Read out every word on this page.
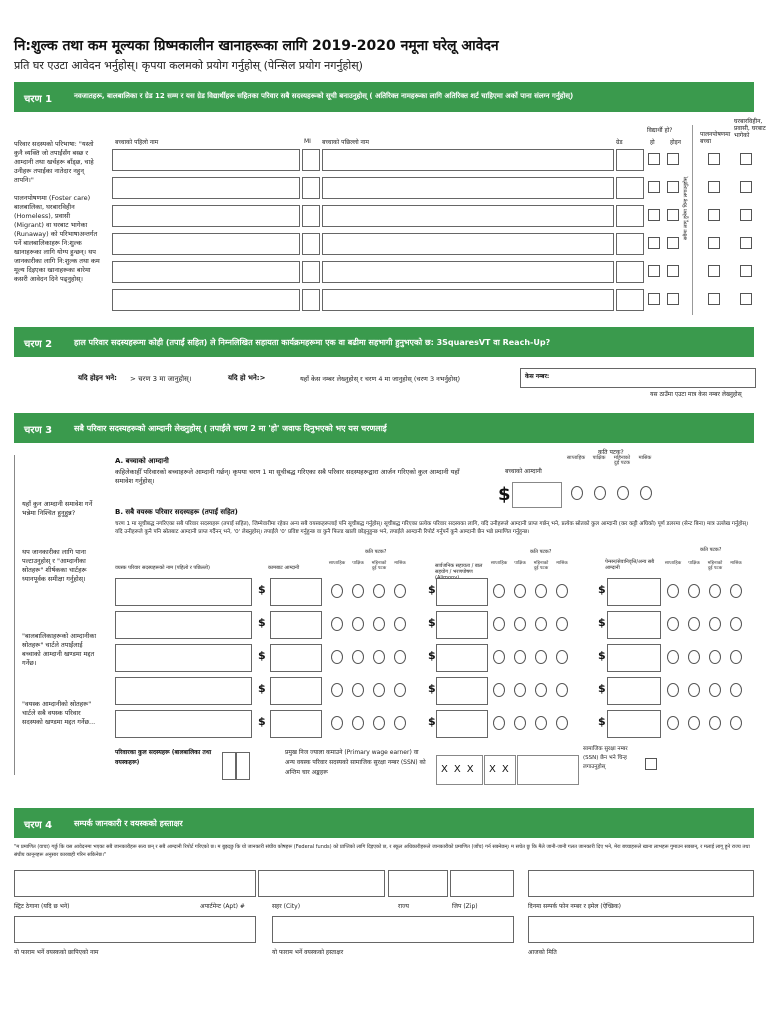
नि:शुल्क तथा कम मूल्यका ग्रिष्मकालीन खानाहरूका लागि 2019-2020 नमूना घरेलू आवेदन
प्रति घर एउटा आवेदन भर्नुहोस्। कृपया कलमको प्रयोग गर्नुहोस् (पेन्सिल प्रयोग नगर्नुहोस्)
चरण 1	नवजातहरू, बालबालिका र ग्रेड 12 सम्म र यस ग्रेड विद्यार्थीहरू सहितका परिवार सबै सदस्यहरूको सूची बनाउनुहोस् ( अतिरिक्त नामहरूका लागि अतिरिक्त शर्ट चाहिएमा अर्को पाना संलग्न गर्नुहोस्)
परिवार सदस्यको परिभाषा: "यस्तो कुनै व्यक्ति जो तपाईंसँग बस्छ र आम्दानी तथा खर्चहरू बाँड्छ, चाहे उनीहरू तपाईंका नातेदार नहुन् तापनि।"
पालनपोषणमा (Foster care) बालबालिका, घरबारविहीन (Homeless), प्रवासी (Migrant) वा घरबाट भागेका (Runaway) को परिभाषाअन्तर्गत पर्ने बालबालिकाहरू नि:शुल्क खानाहरूका लागि योग्य हुन्छन्। थप जानकारीका लागि नि:शुल्क तथा कम मूल्य दिइएका खानाहरूका बारेमा कसरी आवेदन दिने पढ्नुहोस्।
बच्चाको पहिलो नाम	MI बच्चाको पछिल्लो नाम	ग्रेड
विद्यार्थी हो?
हो	होइन
पालनपोषणमा बच्चा
घरबारविहीन, प्रवासी, घरबाट भागेको
सबैमा लागू हुनेमा चिन्ह लगाउनुहोस्
चरण 2	हाल परिवार सदस्यहरूमा कोही (तपाईं सहित) ले निम्नलिखित सहायता कार्यक्रमहरूमा एक वा बढीमा सहभागी हुनुभएको छ: 3SquaresVT वा Reach-Up?
यदि होइन भने: > चरण 3 मा जानुहोस्।	यदि हो भने:>	यहाँ केस नम्बर लेख्नुहोस् र चरण 4 मा जानुहोस् (चरण 3 नभर्नुहोस्)	केस नम्बर:
यस ठाउँमा एउटा मात्र केस नम्बर लेख्नुहोस्
चरण 3	सबै परिवार सदस्यहरूको आम्दानी लेख्नुहोस् ( तपाईंले चरण 2 मा 'हो' जवाफ दिनुभएको भए यस चरणलाई
यहाँ कुन आम्दानी समावेश गर्ने भन्नेमा निश्चित हुनुहुन्न?
थप जानकारीका लागि पाना पल्टाउनुहोस् र "आम्दानीका स्रोतहरू" शीर्षकका चार्टहरू ध्यानपूर्वक समीक्षा गर्नुहोस्।
"बालबालिकाहरूको आम्दानीका स्रोतहरू" चार्टले तपाईंलाई बच्चाको आम्दानी खण्डमा मद्दत गर्नेछ।
"वयस्क आम्दानीको स्रोतहरू" चार्टले सबै वयस्क परिवार सदस्यको खण्डमा मद्दत गर्नेछ...
A. बच्चाको आम्दानी
कहिलेकाहीँ परिवारको बच्चाहरूले आम्दानी गर्छन्। कृपया चरण 1 मा सूचीबद्ध गरिएका सबै परिवार सदस्यहरूद्वारा आर्जन गरिएको कुल आम्दानी यहाँ समावेश गर्नुहोस्।
बच्चाको आम्दानी
कति पटक?
$
साप्ताहिक	पाक्षिक	महिनाको दुई पटक
मासिक
B. सबै वयस्क परिवार सदस्यहरू (तपाईं सहित)
चरण 1 मा सूचीबद्ध नगरिएका सबै परिवार सदस्यहरू (तपाईं सहित), जिम्मेवारीमा रहेका अन्य सबै वयस्कहरूलाई पनि सूचीबद्ध गर्नुहोस्। सूचीबद्ध गरिएका प्रत्येक परिवार सदस्यका लागि, यदि उनीहरूले आम्दानी प्राप्त गर्छन् भने, प्रत्येक स्रोतको कुल आम्दानी (कर कट्टी अघिको) पूर्ण डलरमा (सेन्ट बिना) मात्र उल्लेख गर्नुहोस्। यदि उनीहरूले कुनै पनि स्रोतबाट आम्दानी प्राप्त गर्दैनन् भने, '0' लेख्नुहोस्। तपाईंले '0' प्रविष्ट गर्नुहुन्छ वा कुनै फिल्ड खाली छोड्नुहुन्छ भने, तपाईंले आम्दानी रिपोर्ट गर्नुपर्ने कुनै आम्दानी छैन भन्ने प्रमाणित गर्नुहुन्छ।
वयस्क परिवार सदस्यहरूको नाम (पहिलो र पछिल्लो)	कामबाट आम्दानी	सार्वजनिक सहायता / बाल सहयोग / भरणपोषण
पेन्सन/सेवानिवृत्ति/अन्य सबै आम्दानी
कति पटक?	कति पटक?	कति पटक?
साप्ताहिक	पाक्षिक	महिनाको दुई पटक
मासिक	साप्ताहिक	पाक्षिक	महिनाको दुई पटक
मासिक	साप्ताहिक	पाक्षिक	महिनाको दुई पटक
मासिक
$	$	$
$	$	$
$	$	$
$	$	$
$	$	$
परिवारका कुल सदस्यहरू (बालबालिका तथा वयस्कहरू)
प्रमुख निज ज्याला कमाउने (Primary wage earner) वा अन्य वयस्क परिवार सदस्यको सामाजिक सुरक्षा नम्बर (SSN) को अन्तिम चार अङ्कहरू	XXX XX
सामाजिक सुरक्षा नम्बर (SSN) छैन भने चिन्ह लगाउनुहोस्
चरण 4	सम्पर्क जानकारी र वयस्कको हस्ताक्षर
"म प्रमाणित (वाचा) गर्छु कि यस आवेदनमा भएका सबै जानकारीहरू सत्य छन् र सबै आम्दानी रिपोर्ट गरिएको छ। म बुझ्दछु कि यो जानकारी संघीय कोषहरू (Federal funds) को प्राप्तिको लागि दिइएको छ, र स्कूल अधिकारीहरूले जानकारीको प्रमाणित (जाँच) गर्न सक्नेछन्। म सचेत छु कि मैले जानी-जानी गलत जानकारी दिए भने, मेरा बच्चाहरूले खाना लाभहरू गुमाउन सक्छन्, र मलाई लागू हुने राज्य तथा संघीय कानूनहरू अनुसार कारबाही गरिन सकिनेछ।"
स्ट्रिट ठेगाना (यदि छ भने)	अपार्टमेन्ट (Apt) #	सहर (City)	राज्य	जिप (Zip)	दिनमा सम्पर्क फोन नम्बर र इमेल (ऐच्छिक)
यो फाराम भर्ने वयस्कको छापिएको नाम	यो फाराम भर्ने वयस्कको हस्ताक्षर	आजको मिति
